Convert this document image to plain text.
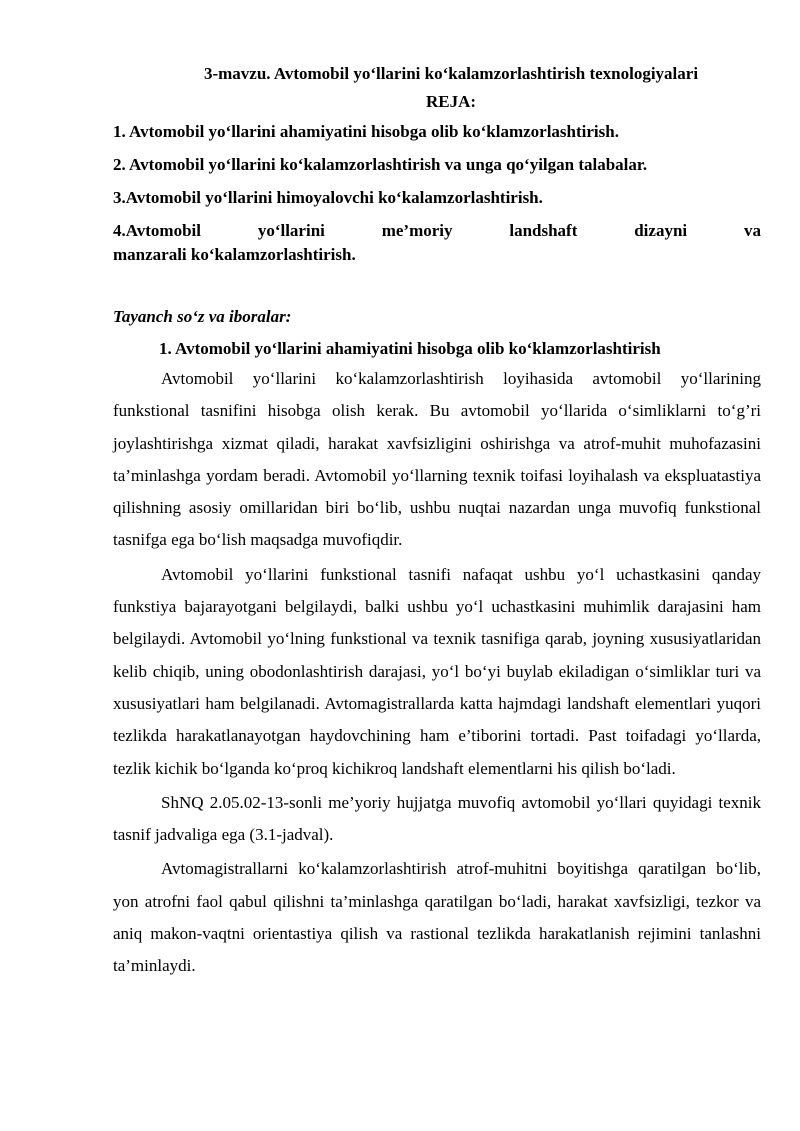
3-mavzu. Avtomobil yo‘llarini ko‘kalamzorlashtirish texnologiyalari

REJA:

1. Avtomobil yo‘llarini ahamiyatini hisobga olib ko‘klamzorlashtirish.
2. Avtomobil yo‘llarini ko‘kalamzorlashtirish va unga qo‘yilgan talabalar.
3.Avtomobil yo‘llarini himoyalovchi ko‘kalamzorlashtirish.
4.Avtomobil	yo‘llarini	me’moriy	landshaft	dizayni	va
manzarali ko‘kalamzorlashtirish.

Tayanch so‘z va iboralar:

1. Avtomobil yo‘llarini ahamiyatini hisobga olib ko‘klamzorlashtirish

Avtomobil yo‘llarini ko‘kalamzorlashtirish loyihasida avtomobil yo‘llarining funkstional tasnifini hisobga olish kerak. Bu avtomobil yo‘llarida o‘simliklarni to‘g’ri joylashtirishga xizmat qiladi, harakat xavfsizligini oshirishga va atrof-muhit muhofazasini ta’minlashga yordam beradi. Avtomobil yo‘llarning texnik toifasi loyihalash va ekspluatastiya qilishning asosiy omillaridan biri bo‘lib, ushbu nuqtai nazardan unga muvofiq funkstional tasnifga ega bo‘lish maqsadga muvofiqdir.

Avtomobil yo‘llarini funkstional tasnifi nafaqat ushbu yo‘l uchastkasini qanday funkstiya bajarayotgani belgilaydi, balki ushbu yo‘l uchastkasini muhimlik darajasini ham belgilaydi. Avtomobil yo‘lning funkstional va texnik tasnifiga qarab, joyning xususiyatlaridan kelib chiqib, uning obodonlashtirish darajasi, yo‘l bo‘yi buylab ekiladigan o‘simliklar turi va xususiyatlari ham belgilanadi. Avtomagistrallarda katta hajmdagi landshaft elementlari yuqori tezlikda harakatlanayotgan haydovchining ham e’tiborini tortadi. Past toifadagi yo‘llarda, tezlik kichik bo‘lganda ko‘proq kichikroq landshaft elementlarni his qilish bo‘ladi.

ShNQ 2.05.02-13-sonli me’yoriy hujjatga muvofiq avtomobil yo‘llari quyidagi texnik tasnif jadvaliga ega (3.1-jadval).

Avtomagistrallarni ko‘kalamzorlashtirish atrof-muhitni boyitishga qaratilgan bo‘lib, yon atrofni faol qabul qilishni ta’minlashga qaratilgan bo‘ladi, harakat xavfsizligi, tezkor va aniq makon-vaqtni orientastiya qilish va rastional tezlikda harakatlanish rejimini tanlashni ta’minlaydi.
